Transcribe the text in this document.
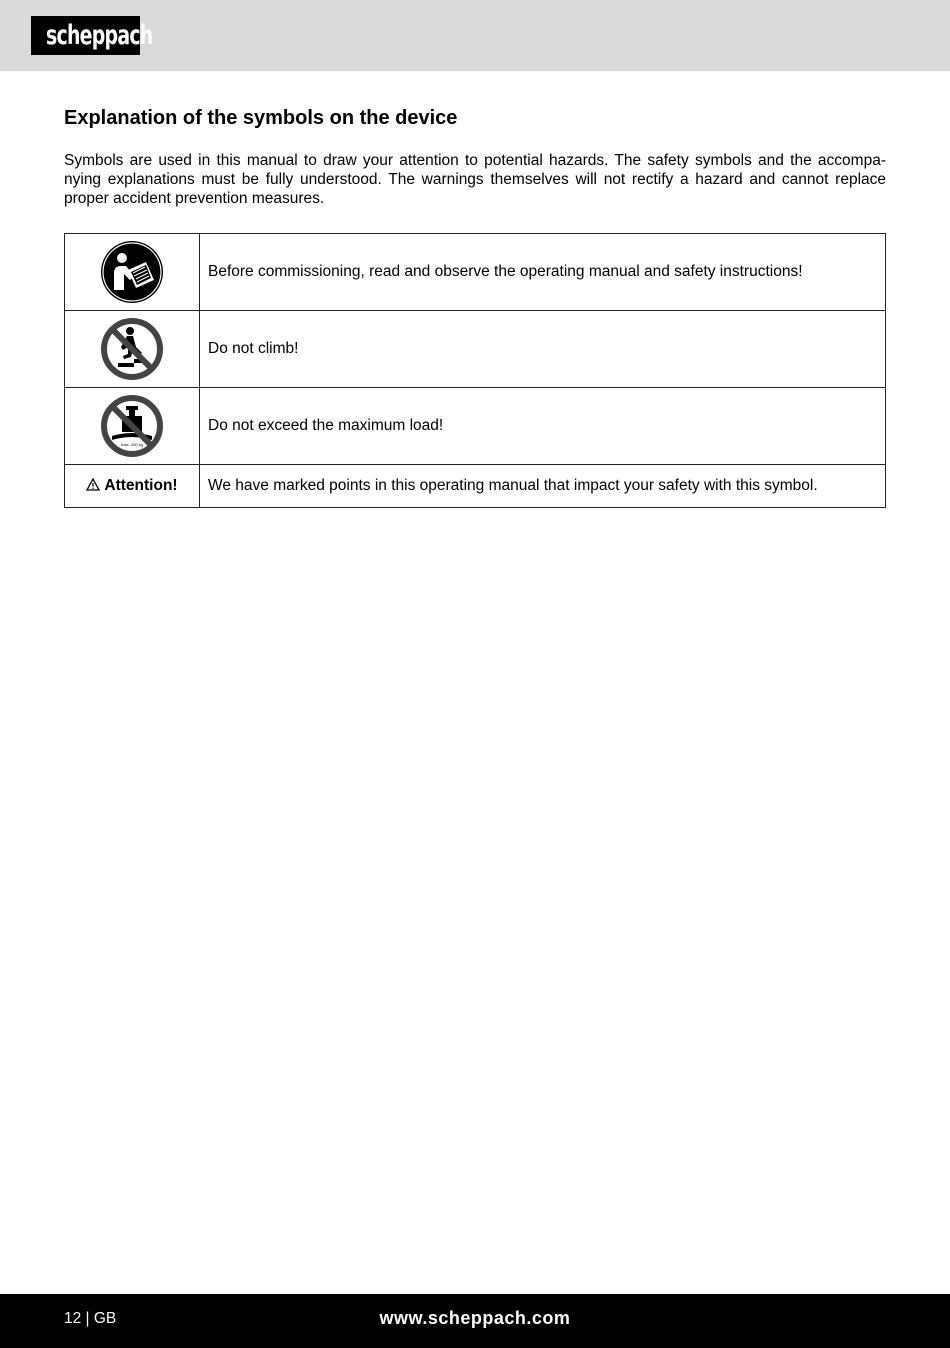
scheppach
Explanation of the symbols on the device

Symbols are used in this manual to draw your attention to potential hazards. The safety symbols and the accompa-nying explanations must be fully understood. The warnings themselves will not rectify a hazard and cannot replace proper accident prevention measures.

	Before commissioning, read and observe the operating manual and safety instructions!

	Do not climb!

max. 200 kg	Do not exceed the maximum load!
Attention!	We have marked points in this operating manual that impact your safety with this symbol.
12 | GB	www.scheppach.com
